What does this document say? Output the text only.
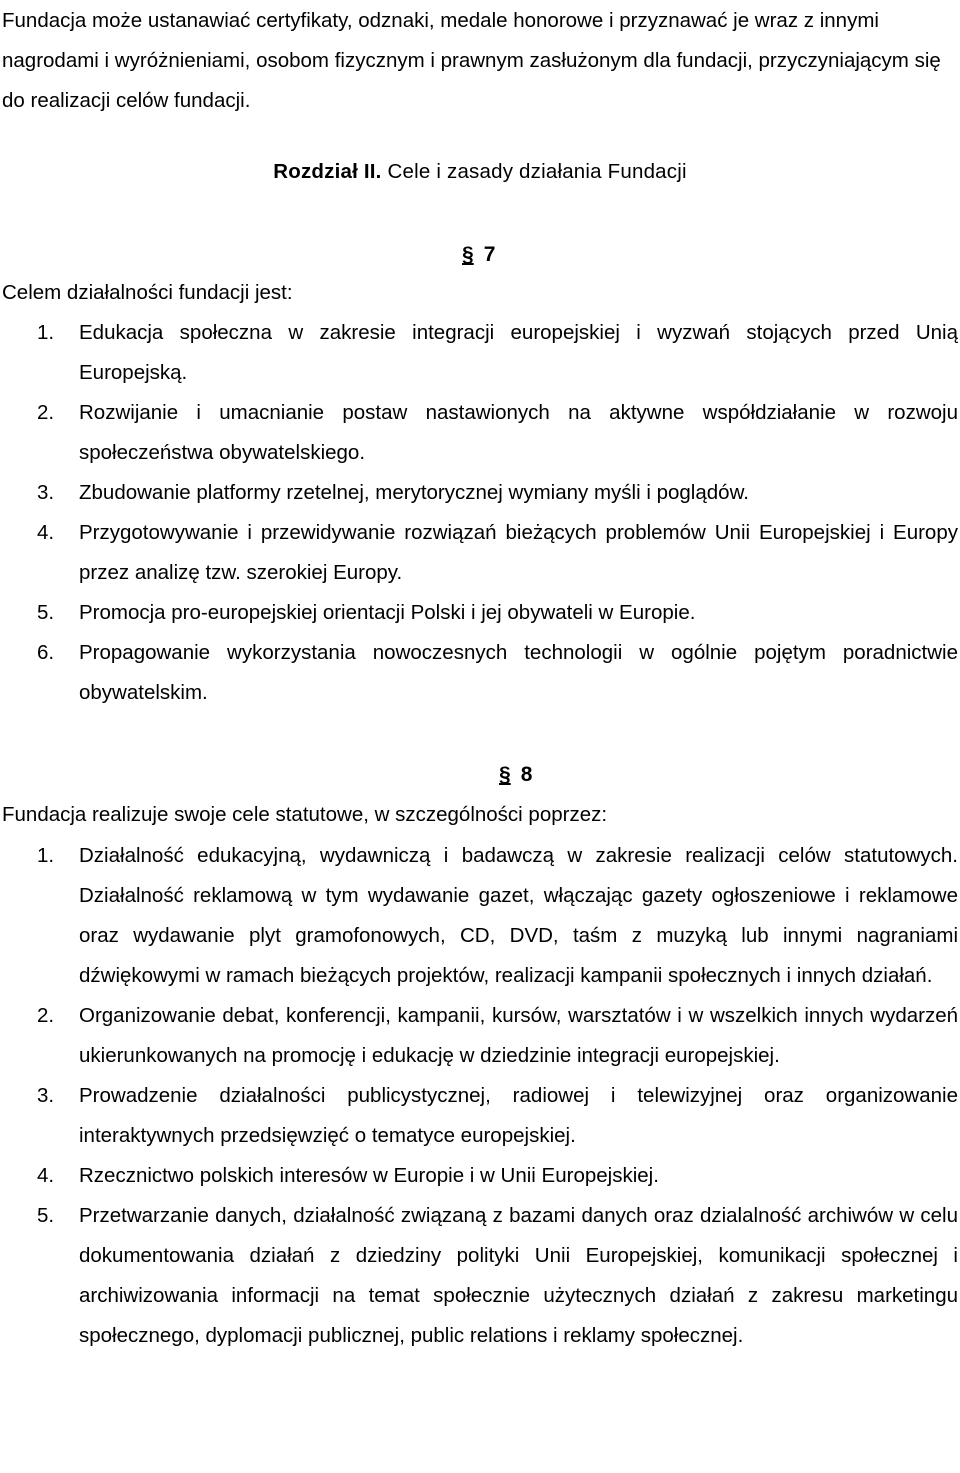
Fundacja może ustanawiać certyfikaty, odznaki, medale honorowe i przyznawać je wraz z innymi nagrodami i wyróżnieniami, osobom fizycznym i prawnym zasłużonym dla fundacji, przyczyniającym się do realizacji celów fundacji.

Rozdział II. Cele i zasady działania Fundacji
§ 7
Celem działalności fundacji jest:
1. Edukacja społeczna w zakresie integracji europejskiej i wyzwań stojących przed Unią Europejską.
2. Rozwijanie i umacnianie postaw nastawionych na aktywne współdziałanie w rozwoju społeczeństwa obywatelskiego.
3. Zbudowanie platformy rzetelnej, merytorycznej wymiany myśli i poglądów.
4. Przygotowywanie i przewidywanie rozwiązań bieżących problemów Unii Europejskiej i Europy przez analizę tzw. szerokiej Europy.
5. Promocja pro-europejskiej orientacji Polski i jej obywateli w Europie.
6. Propagowanie wykorzystania nowoczesnych technologii w ogólnie pojętym poradnictwie obywatelskim.
§ 8
Fundacja realizuje swoje cele statutowe, w szczególności poprzez:
1. Działalność edukacyjną, wydawniczą i badawczą w zakresie realizacji celów statutowych. Działalność reklamową w tym wydawanie gazet, włączając gazety ogłoszeniowe i reklamowe oraz wydawanie plyt gramofonowych, CD, DVD, taśm z muzyką lub innymi nagraniami dźwiękowymi w ramach bieżących projektów, realizacji kampanii społecznych i innych działań.
2. Organizowanie debat, konferencji, kampanii, kursów, warsztatów i w wszelkich innych wydarzeń ukierunkowanych na promocję i edukację w dziedzinie integracji europejskiej.
3. Prowadzenie działalności publicystycznej, radiowej i telewizyjnej oraz organizowanie interaktywnych przedsięwzięć o tematyce europejskiej.
4. Rzecznictwo polskich interesów w Europie i w Unii Europejskiej.
5. Przetwarzanie danych, działalność związaną z bazami danych oraz dzialalność archiwów w celu dokumentowania działań z dziedziny polityki Unii Europejskiej, komunikacji społecznej i archiwizowania informacji na temat społecznie użytecznych działań z zakresu marketingu społecznego, dyplomacji publicznej, public relations i reklamy społecznej.
